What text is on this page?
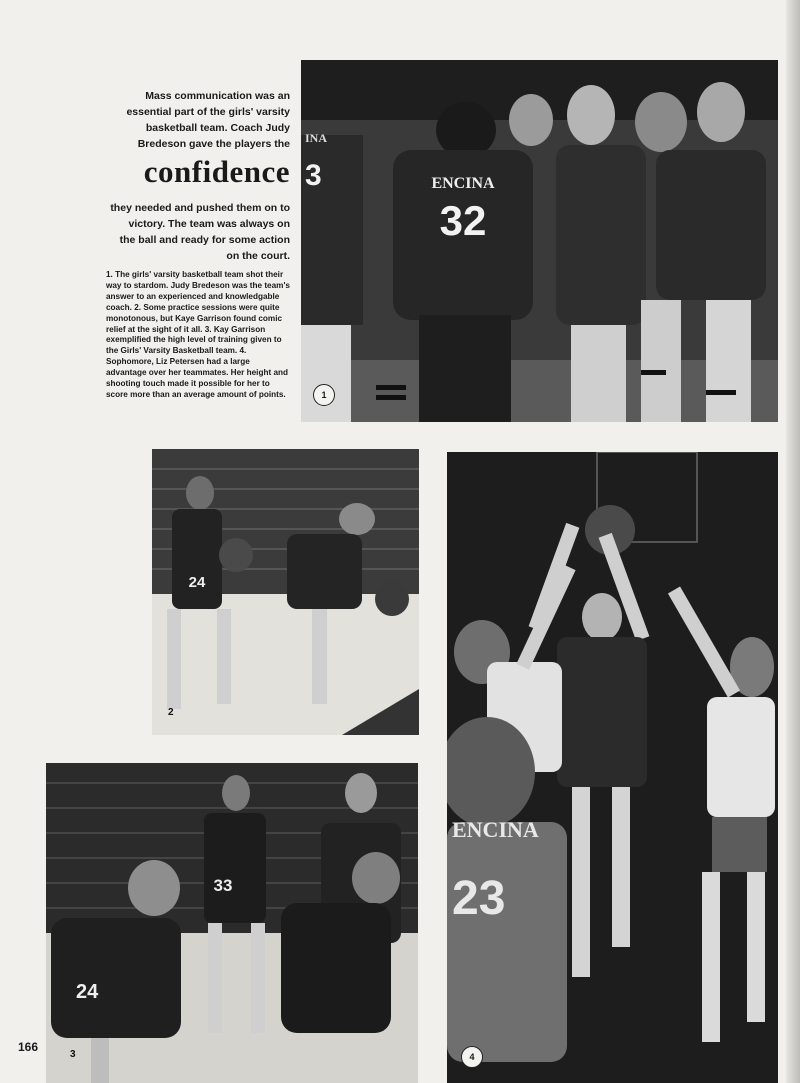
Mass communication was an essential part of the girls' varsity basketball team. Coach Judy Bredeson gave the players the
confidence
they needed and pushed them on to victory. The team was always on the ball and ready for some action on the court.
1. The girls' varsity basketball team shot their way to stardom. Judy Bredeson was the team's answer to an experienced and knowledgable coach. 2. Some practice sessions were quite monotonous, but Kaye Garrison found comic relief at the sight of it all. 3. Kay Garrison exemplified the high level of training given to the Girls' Varsity Basketball team. 4. Sophomore, Liz Petersen had a large advantage over her teammates. Her height and shooting touch made it possible for her to score more than an average amount of points.
ENCINA
32
3
INA
1
24
2
33
24
3
ENCINA
23
4
166
